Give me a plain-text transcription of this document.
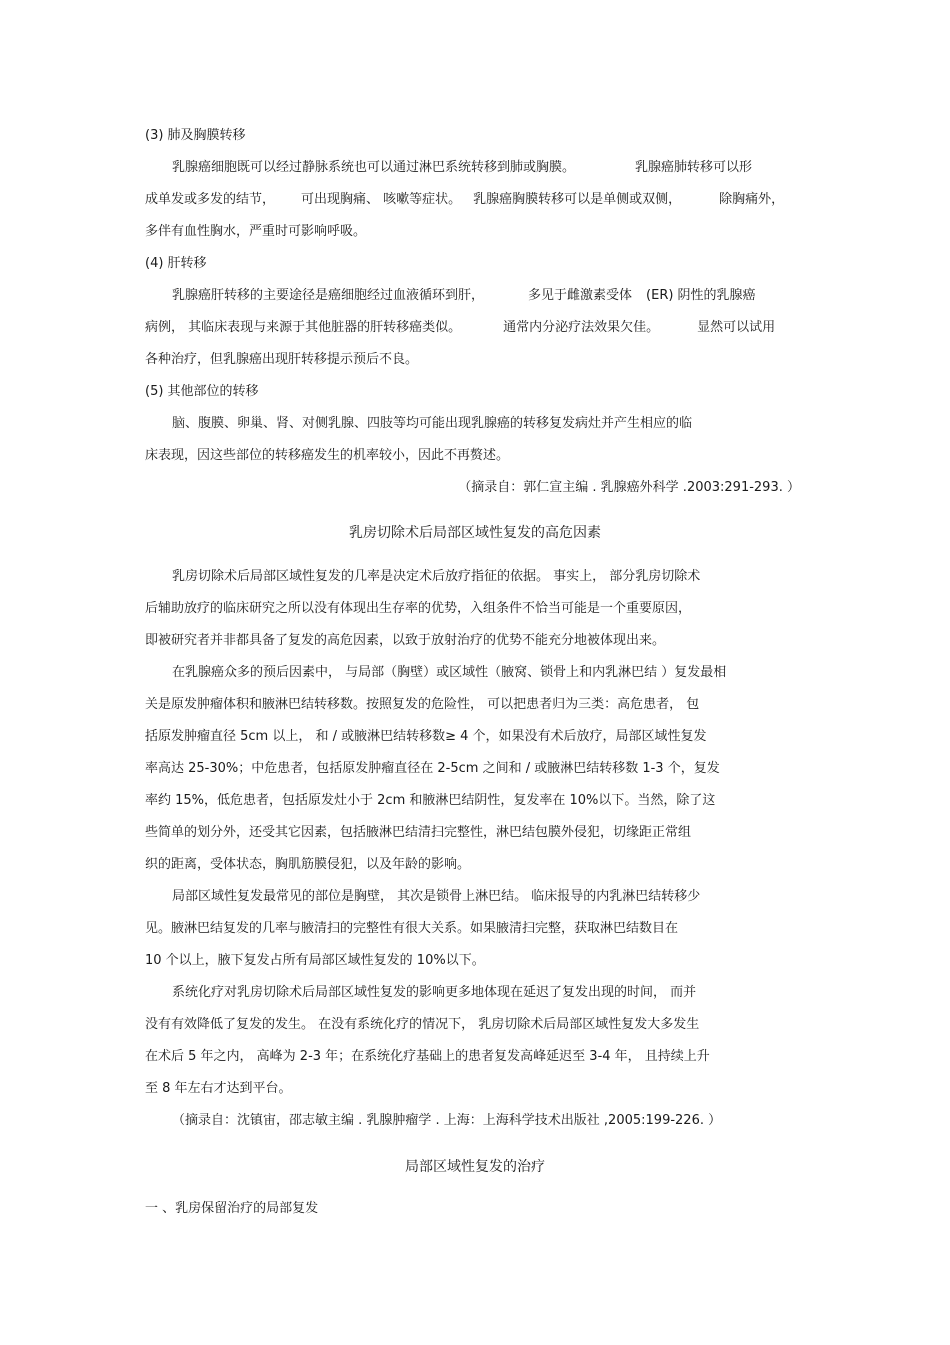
(3) 肺及胸膜转移
乳腺癌细胞既可以经过静脉系统也可以通过淋巴系统转移到肺或胸膜。	乳腺癌肺转移可以形
成单发或多发的结节， 可出现胸痛、 咳嗽等症状。 乳腺癌胸膜转移可以是单侧或双侧，	除胸痛外，
多伴有血性胸水，严重时可影响呼吸。
(4) 肝转移
乳腺癌肝转移的主要途径是癌细胞经过血液循环到肝，	多见于雌激素受体 (ER) 阴性的乳腺癌
病例， 其临床表现与来源于其他脏器的肝转移癌类似。	通常内分泌疗法效果欠佳。	显然可以试用
各种治疗，但乳腺癌出现肝转移提示预后不良。
(5) 其他部位的转移
脑、腹膜、卵巢、肾、对侧乳腺、四肢等均可能出现乳腺癌的转移复发病灶并产生相应的临
床表现，因这些部位的转移癌发生的机率较小，因此不再赘述。
（摘录自：郭仁宣主编 . 乳腺癌外科学 .2003:291-293. ）
乳房切除术后局部区域性复发的高危因素
乳房切除术后局部区域性复发的几率是决定术后放疗指征的依据。 事实上， 部分乳房切除术
后辅助放疗的临床研究之所以没有体现出生存率的优势，入组条件不恰当可能是一个重要原因，
即被研究者并非都具备了复发的高危因素，以致于放射治疗的优势不能充分地被体现出来。
在乳腺癌众多的预后因素中， 与局部（胸壁）或区域性（腋窝、锁骨上和内乳淋巴结 ）复发最相
关是原发肿瘤体积和腋淋巴结转移数。按照复发的危险性， 可以把患者归为三类：高危患者， 包
括原发肿瘤直径 5cm 以上， 和 / 或腋淋巴结转移数≥ 4 个，如果没有术后放疗，局部区域性复发
率高达 25-30%；中危患者，包括原发肿瘤直径在 2-5cm 之间和 / 或腋淋巴结转移数 1-3 个，复发
率约 15%，低危患者，包括原发灶小于 2cm 和腋淋巴结阴性，复发率在 10%以下。当然，除了这
些简单的划分外，还受其它因素，包括腋淋巴结清扫完整性，淋巴结包膜外侵犯，切缘距正常组
织的距离，受体状态，胸肌筋膜侵犯，以及年龄的影响。
局部区域性复发最常见的部位是胸壁， 其次是锁骨上淋巴结。 临床报导的内乳淋巴结转移少
见。腋淋巴结复发的几率与腋清扫的完整性有很大关系。如果腋清扫完整，获取淋巴结数目在
10 个以上，腋下复发占所有局部区域性复发的 10%以下。
系统化疗对乳房切除术后局部区域性复发的影响更多地体现在延迟了复发出现的时间， 而并
没有有效降低了复发的发生。 在没有系统化疗的情况下， 乳房切除术后局部区域性复发大多发生
在术后 5 年之内， 高峰为 2-3 年；在系统化疗基础上的患者复发高峰延迟至 3-4 年， 且持续上升
至 8 年左右才达到平台。
（摘录自：沈镇宙，邵志敏主编 . 乳腺肿瘤学 . 上海：上海科学技术出版社 ,2005:199-226. ）
局部区域性复发的治疗
一 、乳房保留治疗的局部复发
